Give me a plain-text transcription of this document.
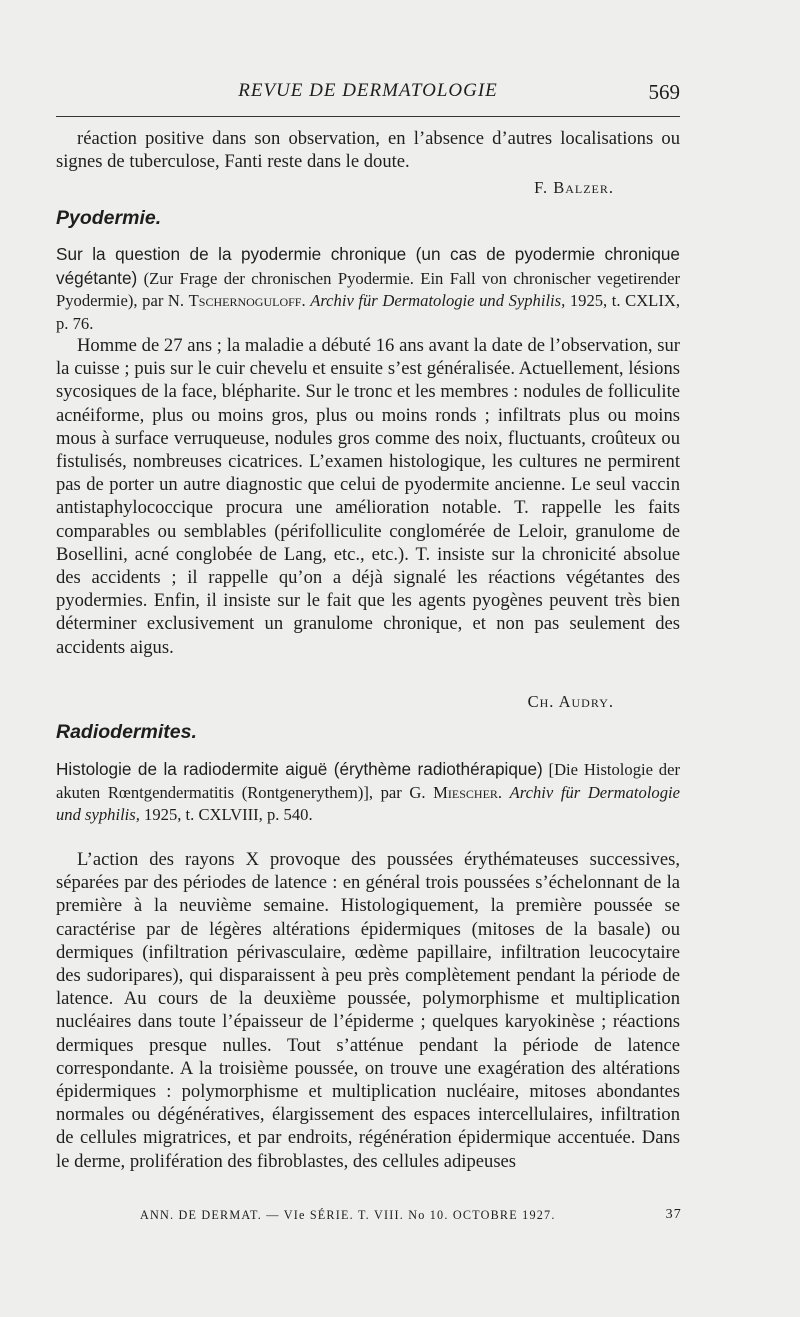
REVUE DE DERMATOLOGIE	569

réaction positive dans son observation, en l’absence d’autres localisations ou signes de tuberculose, Fanti reste dans le doute.

F. Balzer.
Pyodermie.
Sur la question de la pyodermie chronique (un cas de pyodermie chronique végétante) (Zur Frage der chronischen Pyodermie. Ein Fall von chronischer vegetirender Pyodermie), par N. Tschernoguloff. Archiv für Dermatologie und Syphilis, 1925, t. CXLIX, p. 76.

Homme de 27 ans ; la maladie a débuté 16 ans avant la date de l’observation, sur la cuisse ; puis sur le cuir chevelu et ensuite s’est généralisée. Actuellement, lésions sycosiques de la face, blépharite. Sur le tronc et les membres : nodules de folliculite acnéiforme, plus ou moins gros, plus ou moins ronds ; infiltrats plus ou moins mous à surface verruqueuse, nodules gros comme des noix, fluctuants, croûteux ou fistulisés, nombreuses cicatrices. L’examen histologique, les cultures ne permirent pas de porter un autre diagnostic que celui de pyodermite ancienne. Le seul vaccin antistaphylococcique procura une amélioration notable. T. rappelle les faits comparables ou semblables (périfolliculite conglomérée de Leloir, granulome de Bosellini, acné conglobée de Lang, etc., etc.). T. insiste sur la chronicité absolue des accidents ; il rappelle qu’on a déjà signalé les réactions végétantes des pyodermies. Enfin, il insiste sur le fait que les agents pyogènes peuvent très bien déterminer exclusivement un granulome chronique, et non pas seulement des accidents aigus.

Ch. Audry.
Radiodermites.
Histologie de la radiodermite aiguë (érythème radiothérapique) [Die Histologie der akuten Rœntgendermatitis (Rontgenerythem)], par G. Miescher. Archiv für Dermatologie und syphilis, 1925, t. CXLVIII, p. 540.

L’action des rayons X provoque des poussées érythémateuses successives, séparées par des périodes de latence : en général trois poussées s’échelonnant de la première à la neuvième semaine. Histologiquement, la première poussée se caractérise par de légères altérations épidermiques (mitoses de la basale) ou dermiques (infiltration périvasculaire, œdème papillaire, infiltration leucocytaire des sudoripares), qui disparaissent à peu près complètement pendant la période de latence. Au cours de la deuxième poussée, polymorphisme et multiplication nucléaires dans toute l’épaisseur de l’épiderme ; quelques karyokinèse ; réactions dermiques presque nulles. Tout s’atténue pendant la période de latence correspondante. A la troisième poussée, on trouve une exagération des altérations épidermiques : polymorphisme et multiplication nucléaire, mitoses abondantes normales ou dégénératives, élargissement des espaces intercellulaires, infiltration de cellules migratrices, et par endroits, régénération épidermique accentuée. Dans le derme, prolifération des fibroblastes, des cellules adipeuses

ANN. DE DERMAT. — VIe SÉRIE. T. VIII. No 10. OCTOBRE 1927.	37
